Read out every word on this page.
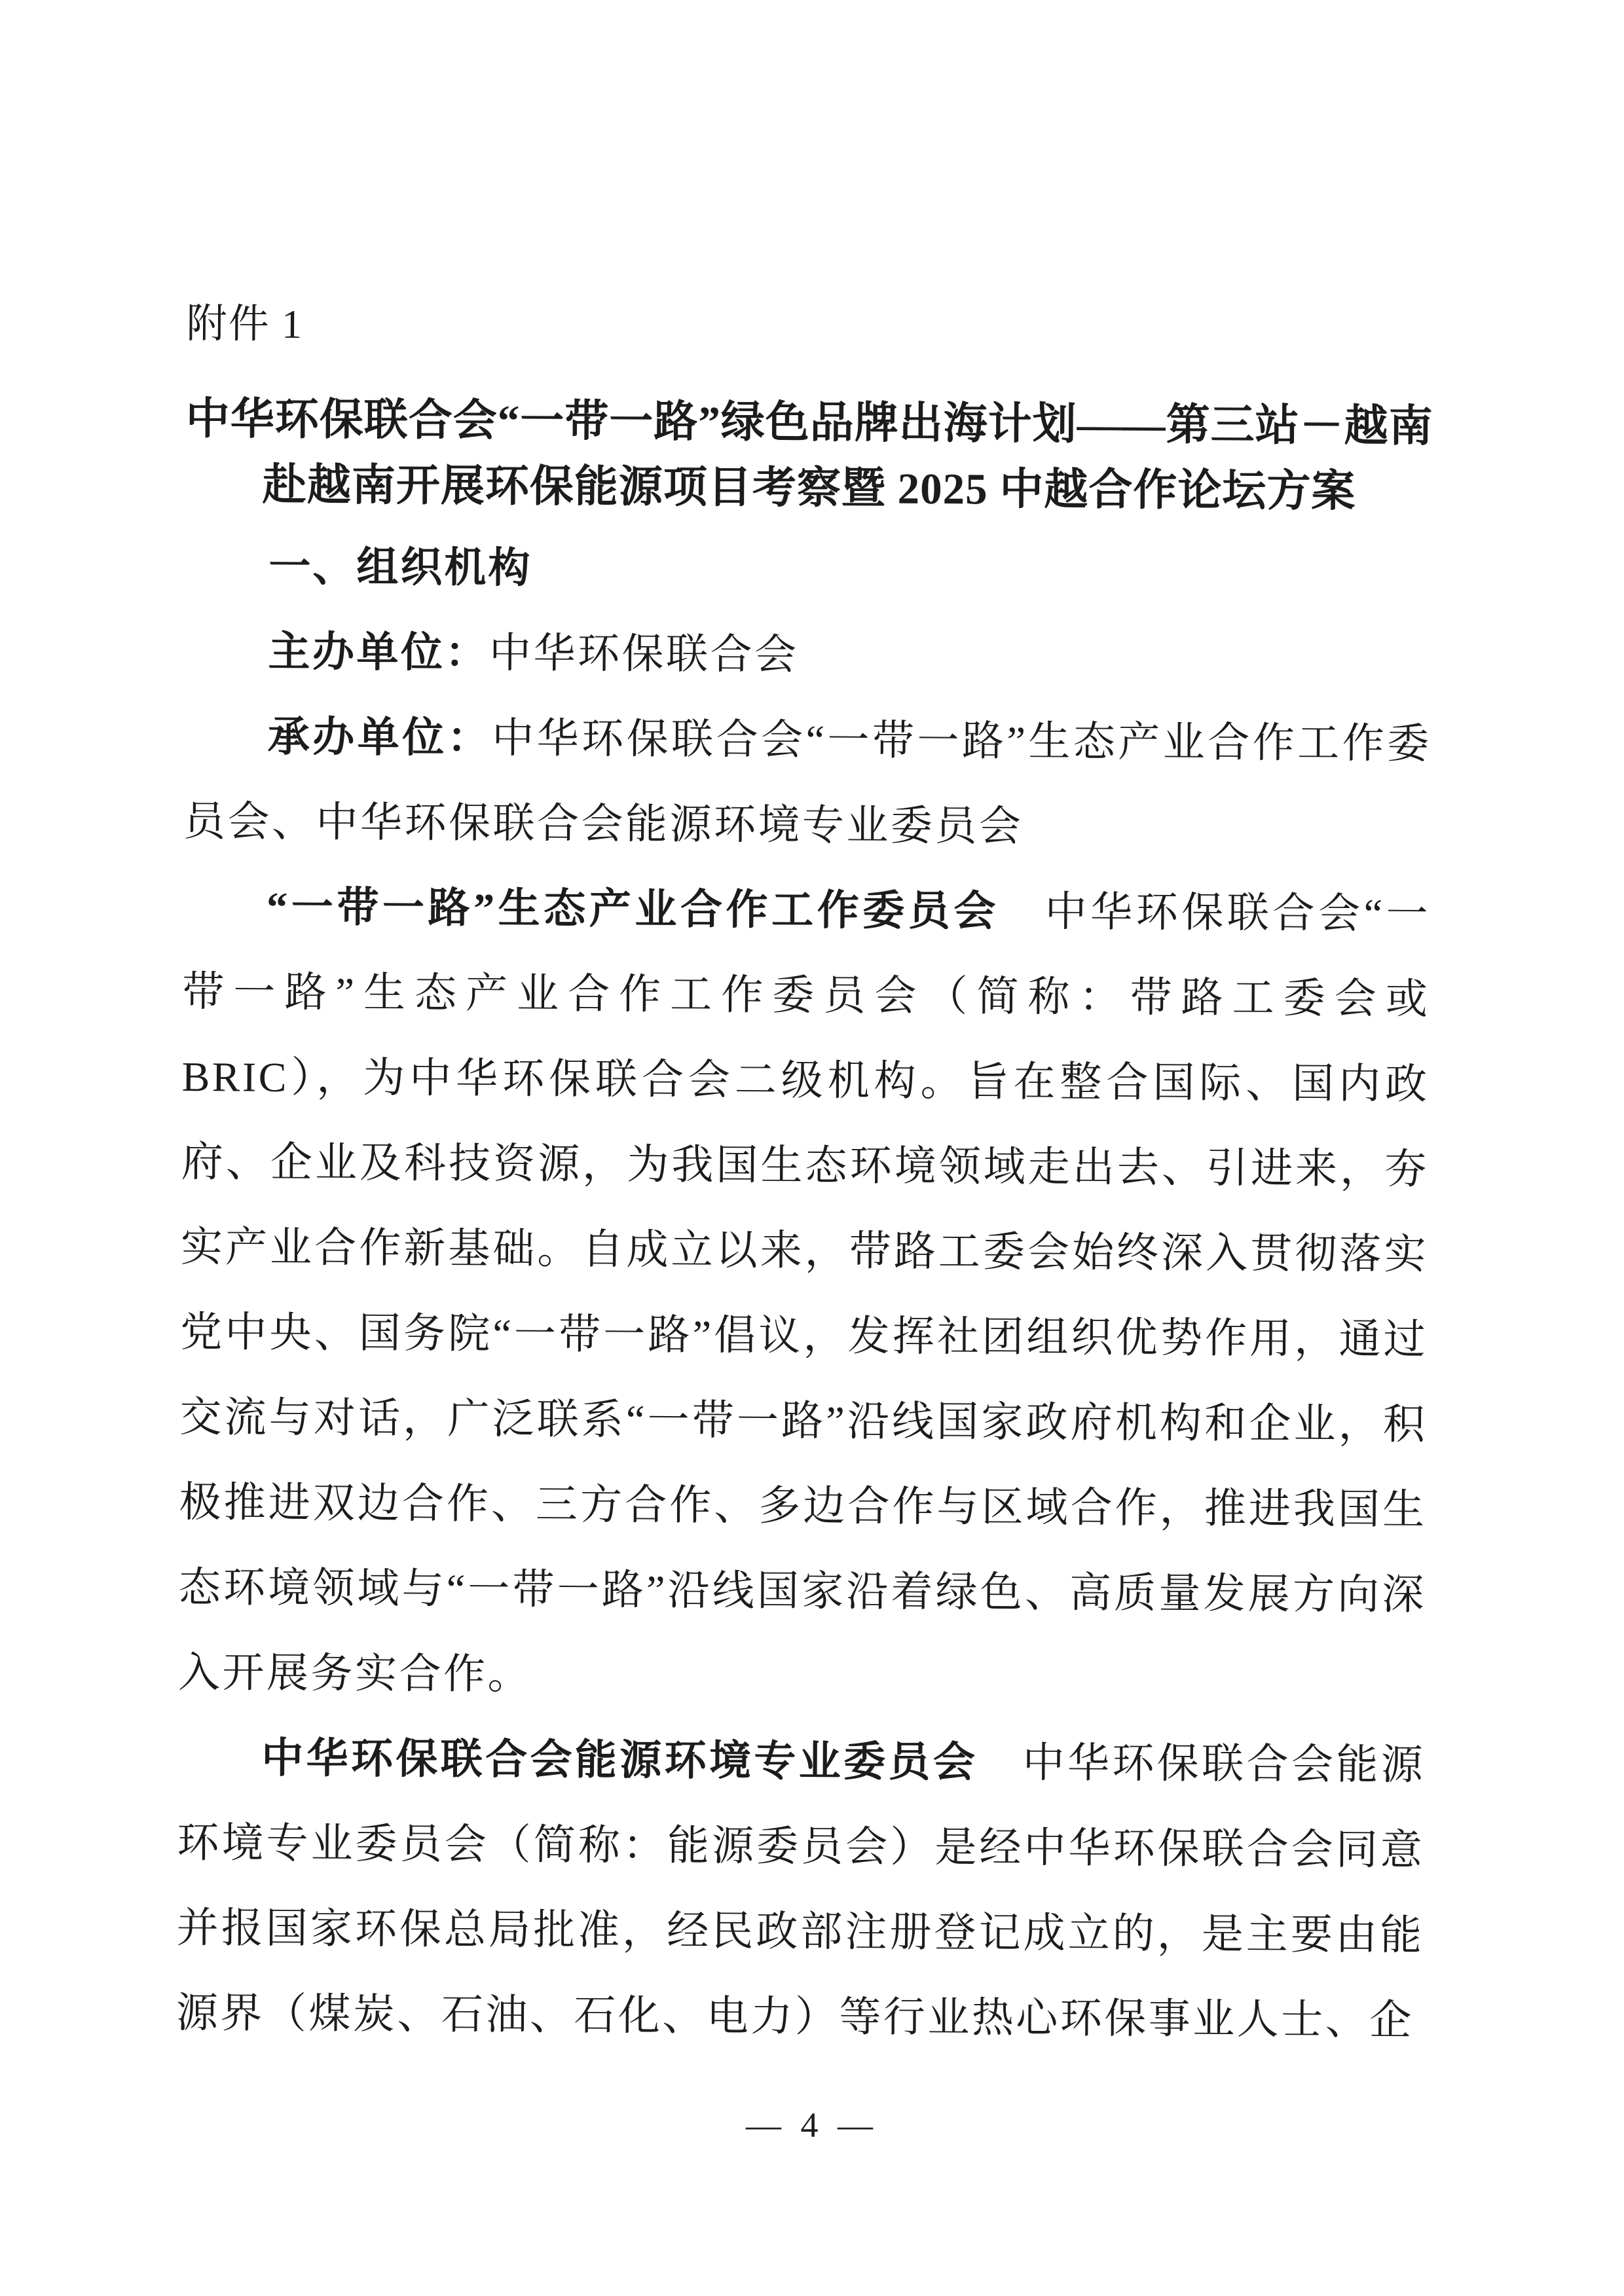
附件 1

中华环保联合会“一带一路”绿色品牌出海计划——第三站－越南
赴越南开展环保能源项目考察暨 2025 中越合作论坛方案
一、组织机构

主办单位：中华环保联合会

承办单位：中华环保联合会“一带一路”生态产业合作工作委员会、中华环保联合会能源环境专业委员会

“一带一路”生态产业合作工作委员会　 中华环保联合会“一带一路”生态产业合作工作委员会（简称：带路工委会或 BRIC），为中华环保联合会二级机构。旨在整合国际、国内政府、企业及科技资源，为我国生态环境领域走出去、引进来，夯实产业合作新基础。自成立以来，带路工委会始终深入贯彻落实党中央、国务院“一带一路”倡议，发挥社团组织优势作用，通过交流与对话，广泛联系“一带一路”沿线国家政府机构和企业，积极推进双边合作、三方合作、多边合作与区域合作，推进我国生态环境领域与“一带一路”沿线国家沿着绿色、高质量发展方向深入开展务实合作。

中华环保联合会能源环境专业委员会　 中华环保联合会能源环境专业委员会（简称：能源委员会）是经中华环保联合会同意并报国家环保总局批准，经民政部注册登记成立的，是主要由能源界（煤炭、石油、石化、电力）等行业热心环保事业人士、企

— 4 —
